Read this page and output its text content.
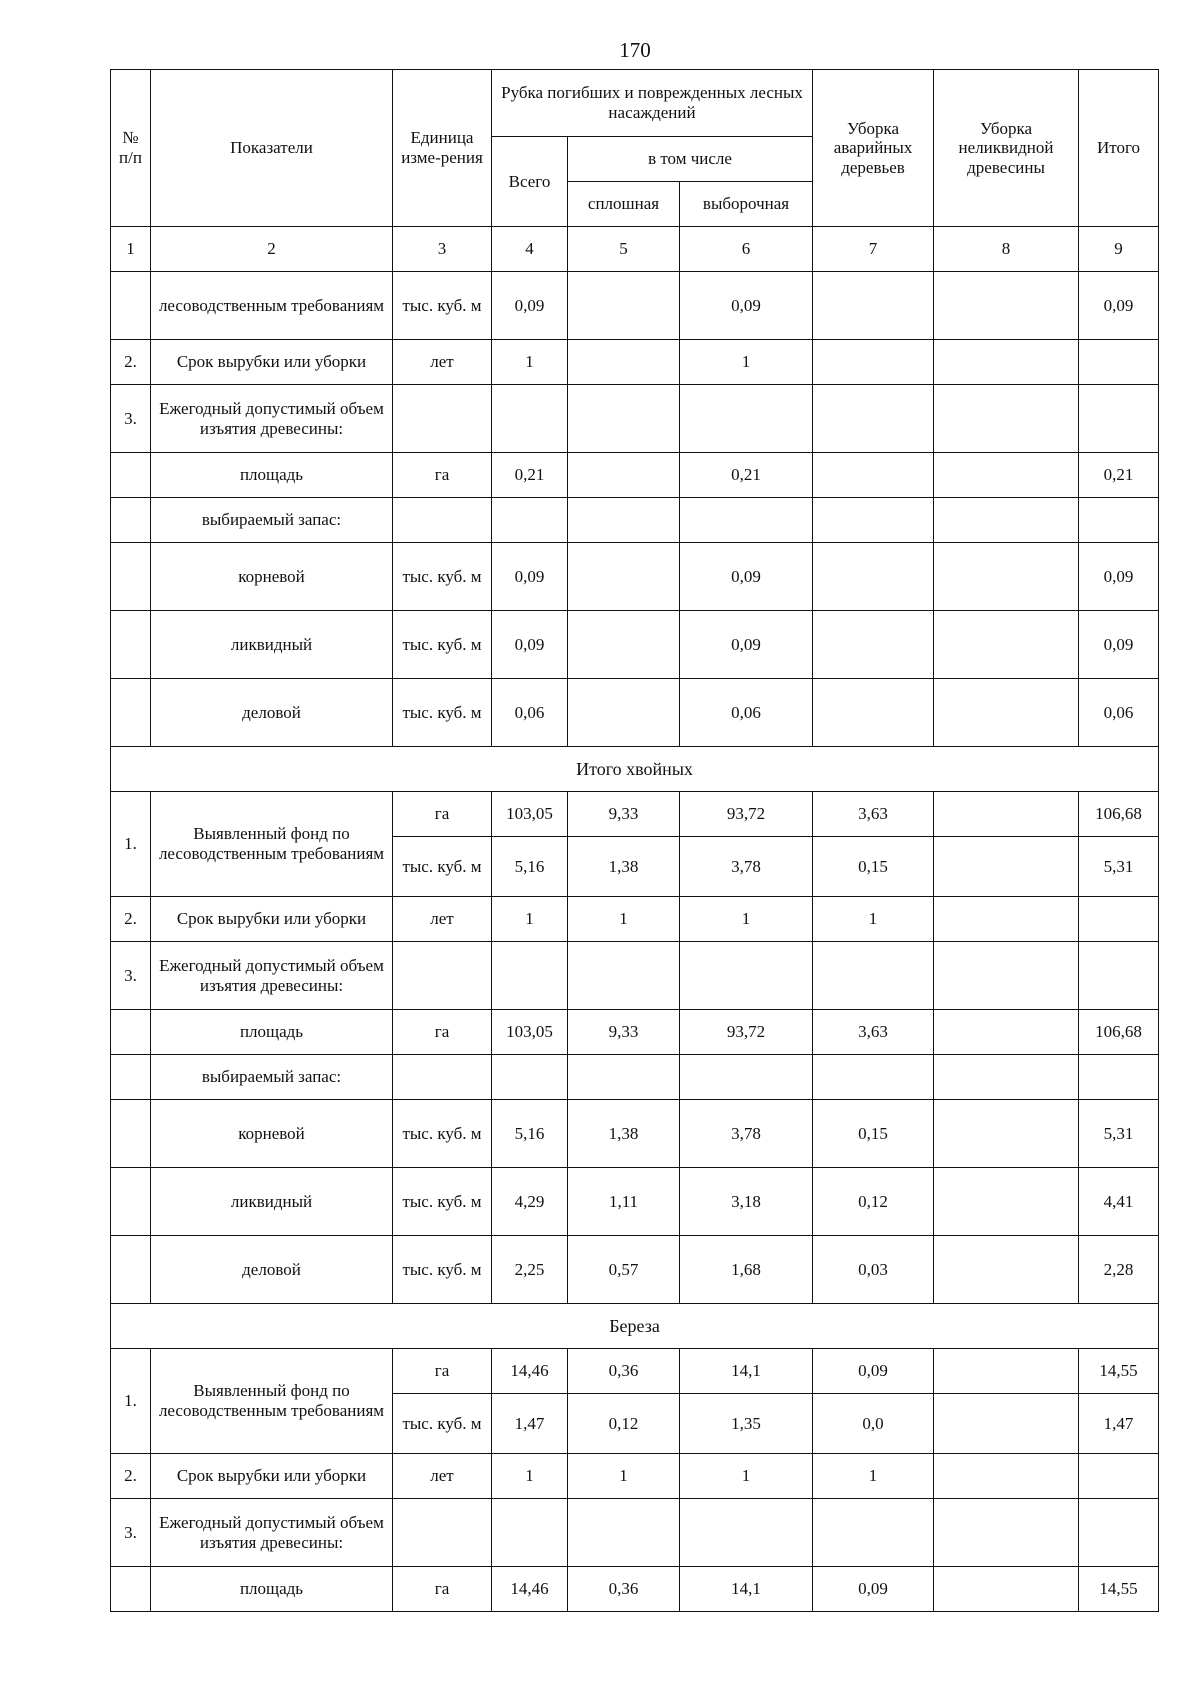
170
№ п/п	Показатели	Единица изме-рения	Рубка погибших и поврежденных лесных насаждений			Уборка аварийных деревьев	Уборка неликвидной древесины	Итого
			Всего	в том числе				
				сплошная	выборочная			
1	2	3	4	5	6	7	8	9
	лесоводственным требованиям	тыс. куб. м	0,09		0,09			0,09
2.	Срок вырубки или уборки	лет	1		1			
3.	Ежегодный допустимый объем изъятия древесины:							
	площадь	га	0,21		0,21			0,21
	выбираемый запас:							
	корневой	тыс. куб. м	0,09		0,09			0,09
	ликвидный	тыс. куб. м	0,09		0,09			0,09
	деловой	тыс. куб. м	0,06		0,06			0,06
Итого хвойных								
1.	Выявленный фонд по лесоводственным требованиям	га	103,05	9,33	93,72	3,63		106,68
		тыс. куб. м	5,16	1,38	3,78	0,15		5,31
2.	Срок вырубки или уборки	лет	1	1	1	1		
3.	Ежегодный допустимый объем изъятия древесины:							
	площадь	га	103,05	9,33	93,72	3,63		106,68
	выбираемый запас:							
	корневой	тыс. куб. м	5,16	1,38	3,78	0,15		5,31
	ликвидный	тыс. куб. м	4,29	1,11	3,18	0,12		4,41
	деловой	тыс. куб. м	2,25	0,57	1,68	0,03		2,28
Береза								
1.	Выявленный фонд по лесоводственным требованиям	га	14,46	0,36	14,1	0,09		14,55
		тыс. куб. м	1,47	0,12	1,35	0,0		1,47
2.	Срок вырубки или уборки	лет	1	1	1	1		
3.	Ежегодный допустимый объем изъятия древесины:							
	площадь	га	14,46	0,36	14,1	0,09		14,55
